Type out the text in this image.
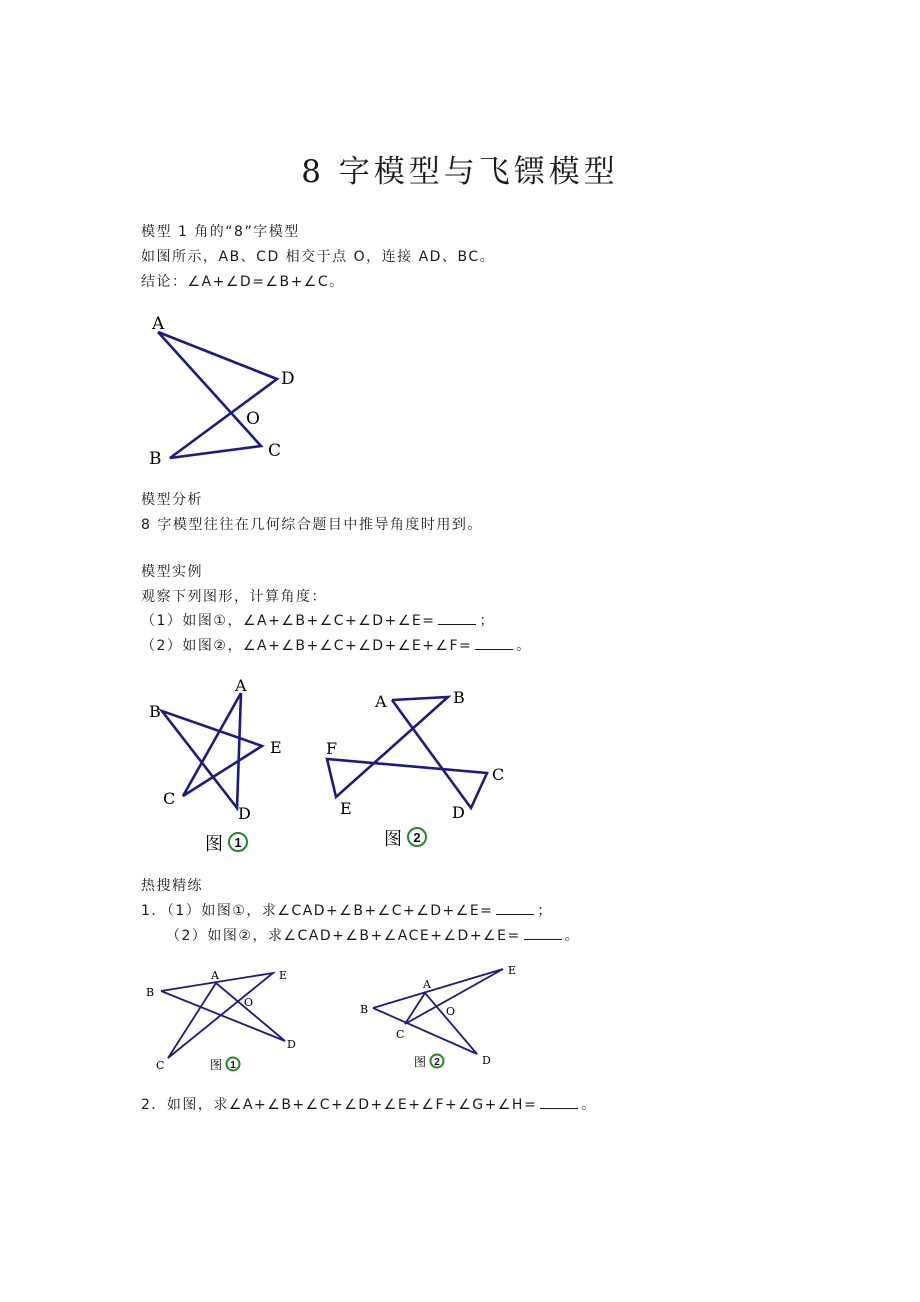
8 字模型与飞镖模型
模型 1 角的“8”字模型
如图所示，AB、CD 相交于点 O，连接 AD、BC。
结论：∠A+∠D=∠B+∠C。
A
D
O
B	C
模型分析
8 字模型往往在几何综合题目中推导角度时用到。
模型实例
观察下列图形，计算角度：
（1）如图①，∠A+∠B+∠C+∠D+∠E=	；
（2）如图②，∠A+∠B+∠C+∠D+∠E+∠F=	。
A
B
E
C
D
图 1
A	B
F
C
E	D
图 2
热搜精练
1．（1）如图①，求∠CAD+∠B+∠C+∠D+∠E=	；
（2）如图②，求∠CAD+∠B+∠ACE+∠D+∠E=	。
B
A	E
O
C
D
图 1
E
A
B	O
C
D
图 2
2．如图，求∠A+∠B+∠C+∠D+∠E+∠F+∠G+∠H=	。
